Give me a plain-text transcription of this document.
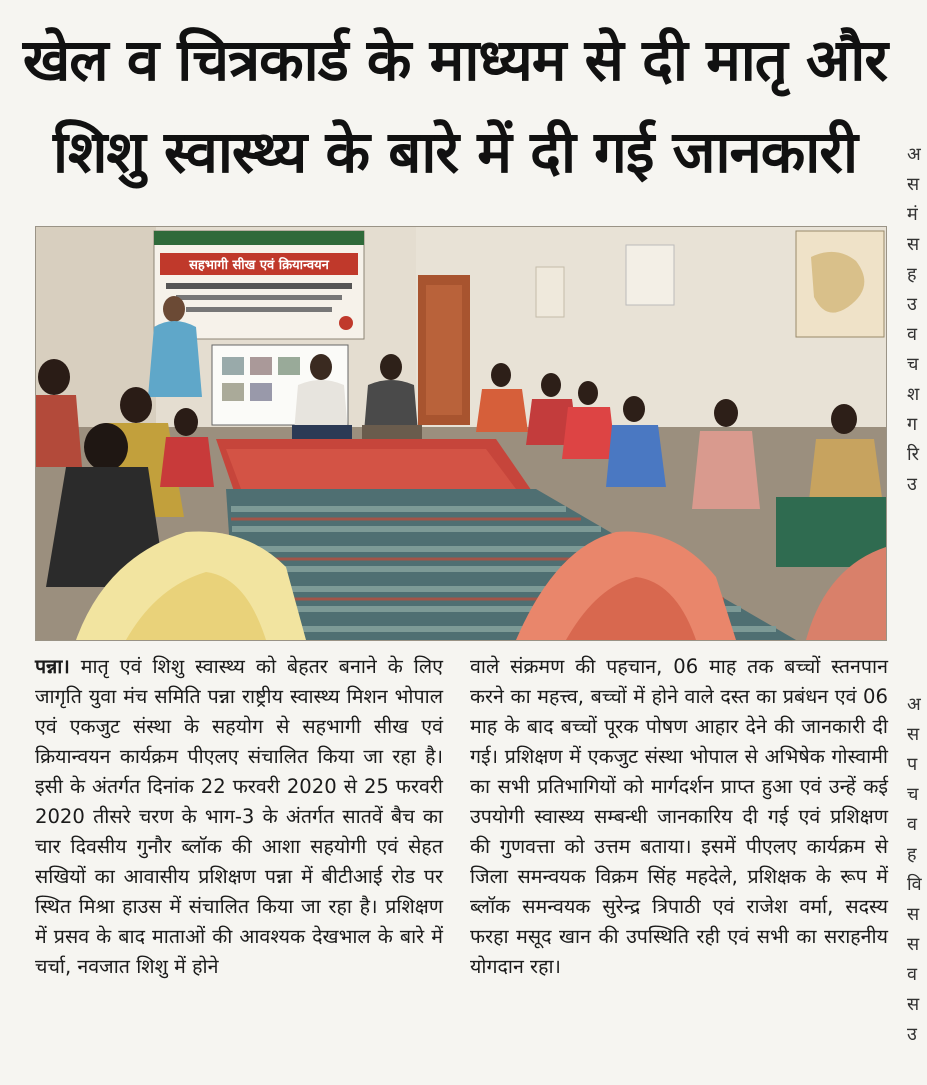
खेल व चित्रकार्ड के माध्यम से दी मातृ और
शिशु स्वास्थ्य के बारे में दी गई जानकारी
सहभागी सीख एवं क्रियान्वयन

पन्ना। मातृ एवं शिशु स्वास्थ्य को बेहतर बनाने के लिए जागृति युवा मंच समिति पन्ना राष्ट्रीय स्वास्थ्य मिशन भोपाल एवं एकजुट संस्था के सहयोग से सहभागी सीख एवं क्रियान्वयन कार्यक्रम पीएलए संचालित किया जा रहा है। इसी के अंतर्गत दिनांक 22 फरवरी 2020 से 25 फरवरी 2020 तीसरे चरण के भाग-3 के अंतर्गत सातवें बैच का चार दिवसीय गुनौर ब्लॉक की आशा सहयोगी एवं सेहत सखियों का आवासीय प्रशिक्षण पन्ना में बीटीआई रोड पर स्थित मिश्रा हाउस में संचालित किया जा रहा है। प्रशिक्षण में प्रसव के बाद माताओं की आवश्यक देखभाल के बारे में चर्चा, नवजात शिशु में होने

वाले संक्रमण की पहचान, 06 माह तक बच्चों स्तनपान करने का महत्त्व, बच्चों में होने वाले दस्त का प्रबंधन एवं 06 माह के बाद बच्चों पूरक पोषण आहार देने की जानकारी दी गई। प्रशिक्षण में एकजुट संस्था भोपाल से अभिषेक गोस्वामी का सभी प्रतिभागियों को मार्गदर्शन प्राप्त हुआ एवं उन्हें कई उपयोगी स्वास्थ्य सम्बन्धी जानकारिय दी गई एवं प्रशिक्षण की गुणवत्ता को उत्तम बताया। इसमें पीएलए कार्यक्रम से जिला समन्वयक विक्रम सिंह महदेले, प्रशिक्षक के रूप में ब्लॉक समन्वयक सुरेन्द्र त्रिपाठी एवं राजेश वर्मा, सदस्य फरहा मसूद खान की उपस्थिति रही एवं सभी का सराहनीय योगदान रहा।

अ
स
मं
स
ह
उ
व
च
श
ग
रि
उ
अ
स
प
च
व
ह
वि
स
स
व
स
उ
